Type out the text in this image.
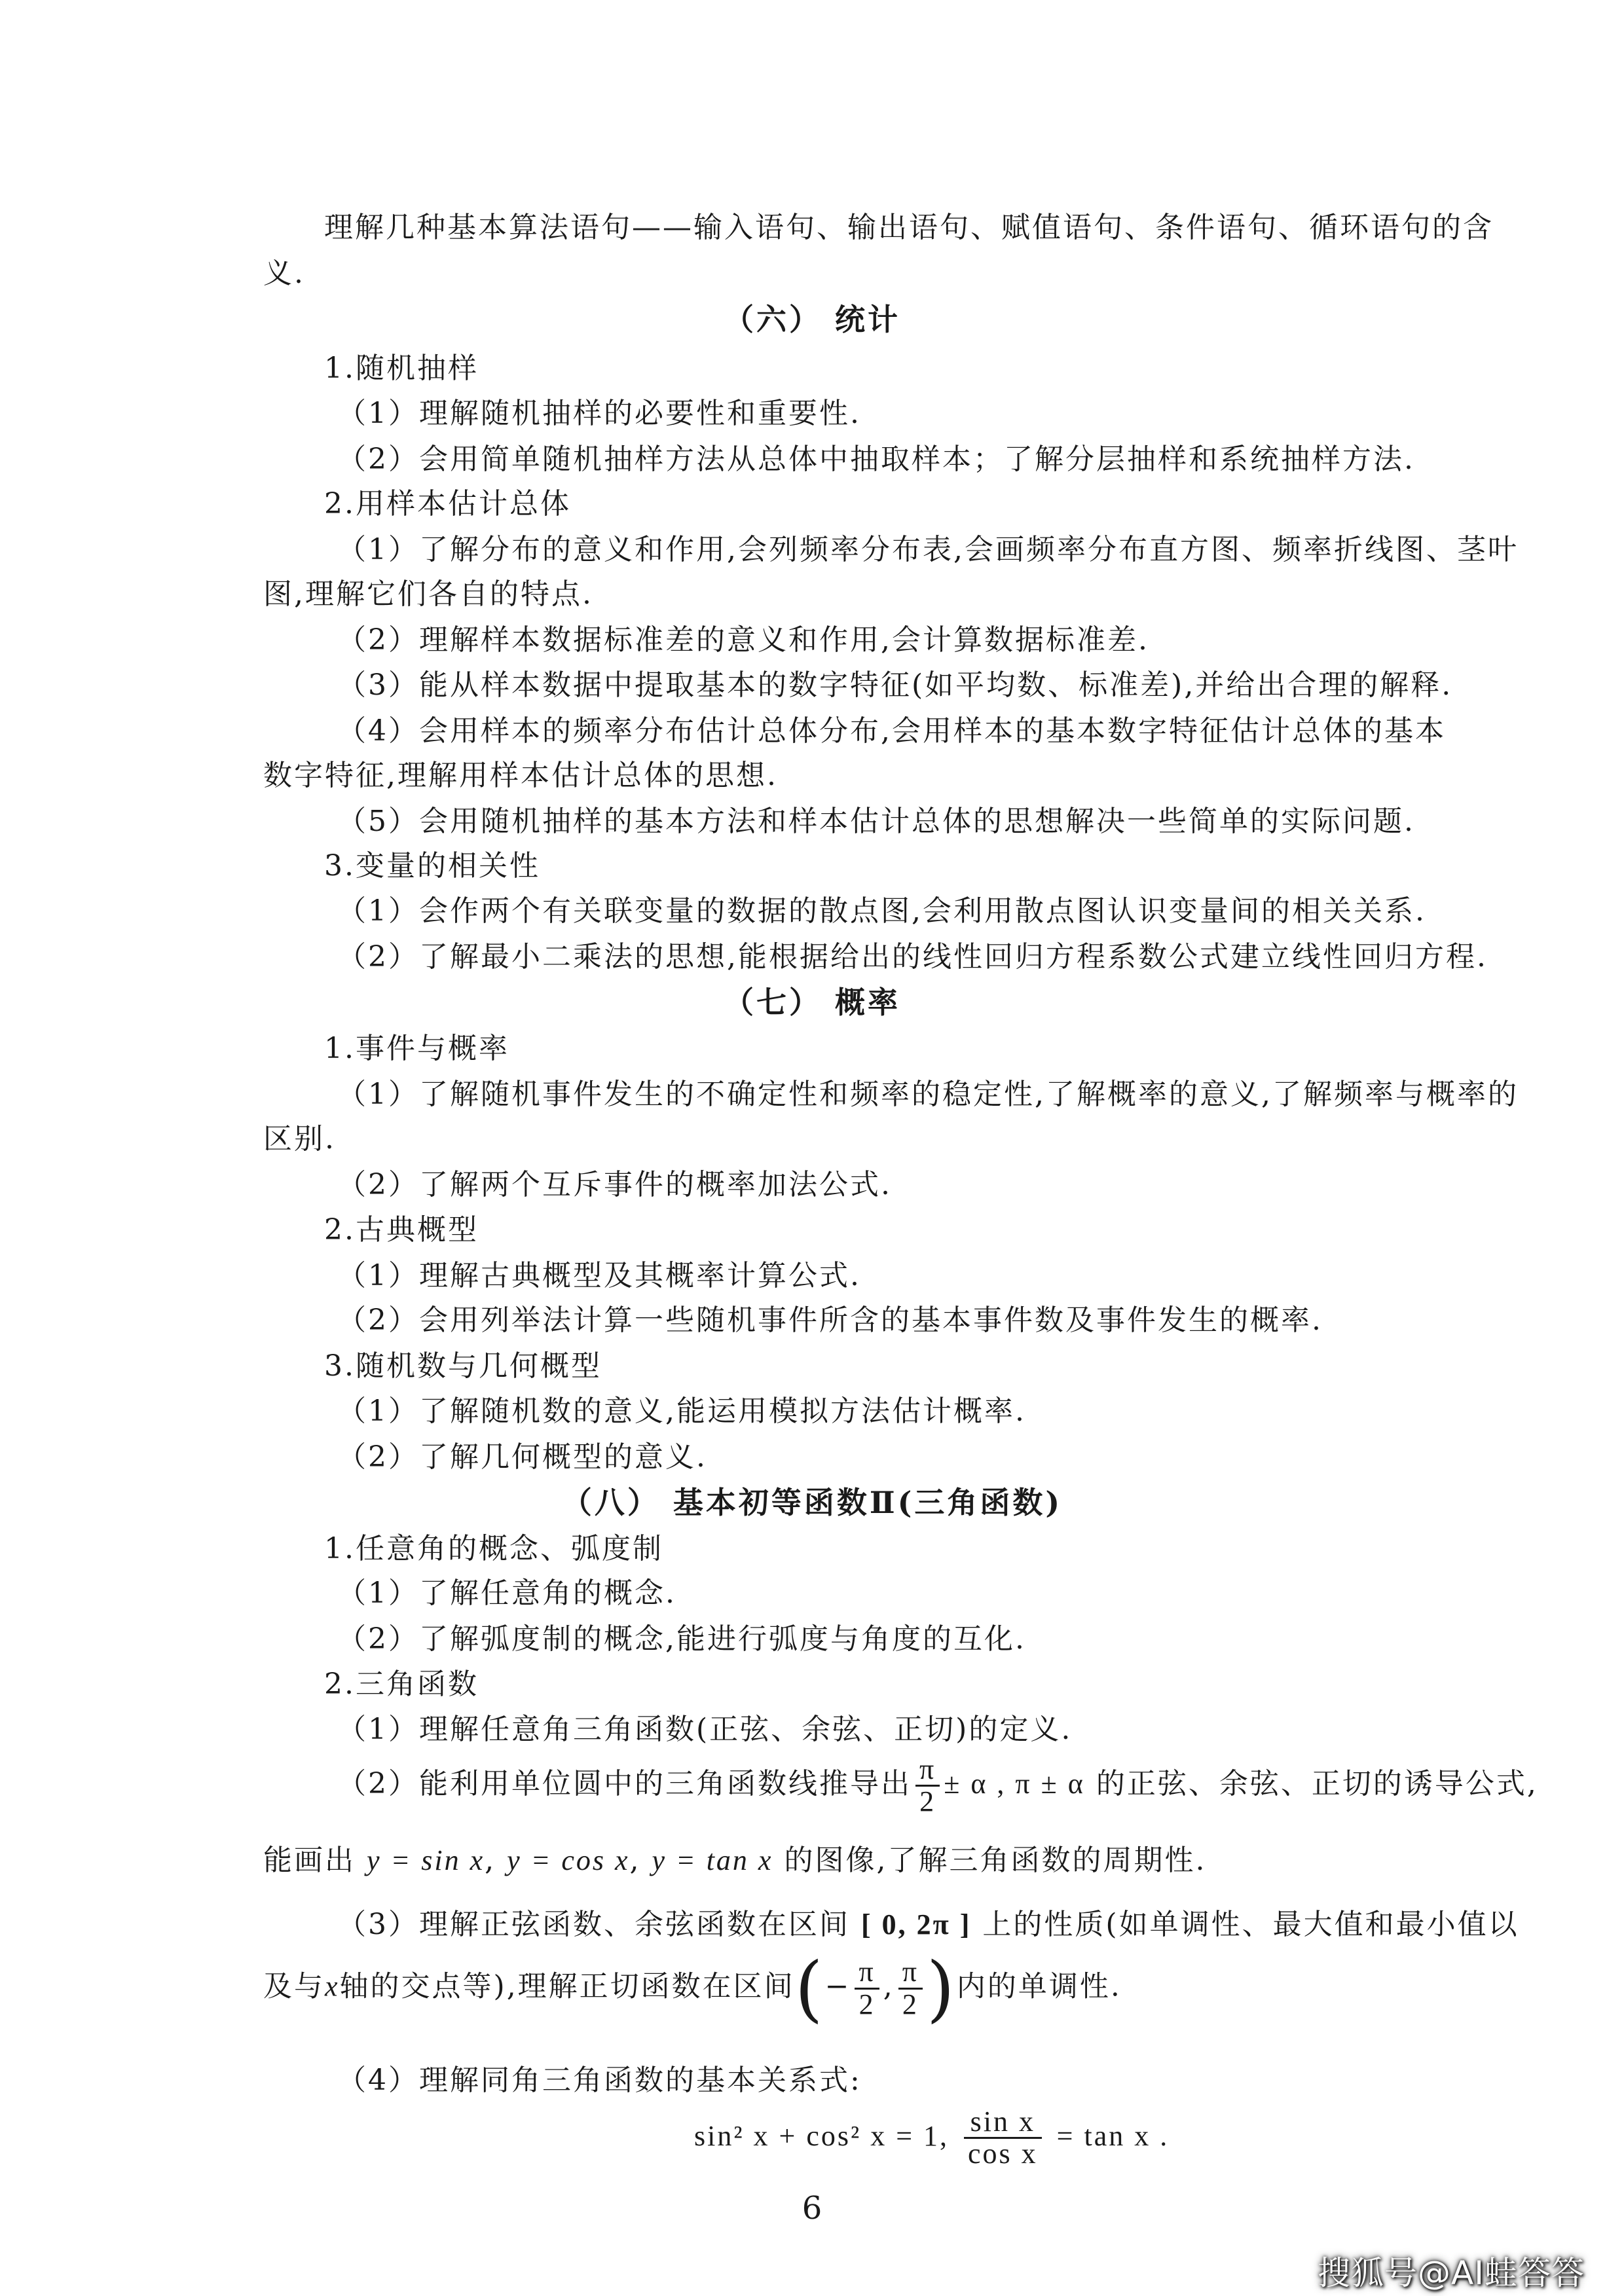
理解几种基本算法语句——输入语句、输出语句、赋值语句、条件语句、循环语句的含
义.
（六） 统计
1.随机抽样
（1）理解随机抽样的必要性和重要性.
（2）会用简单随机抽样方法从总体中抽取样本；了解分层抽样和系统抽样方法.
2.用样本估计总体
（1）了解分布的意义和作用,会列频率分布表,会画频率分布直方图、频率折线图、茎叶
图,理解它们各自的特点.
（2）理解样本数据标准差的意义和作用,会计算数据标准差.
（3）能从样本数据中提取基本的数字特征(如平均数、标准差),并给出合理的解释.
（4）会用样本的频率分布估计总体分布,会用样本的基本数字特征估计总体的基本
数字特征,理解用样本估计总体的思想.
（5）会用随机抽样的基本方法和样本估计总体的思想解决一些简单的实际问题.
3.变量的相关性
（1）会作两个有关联变量的数据的散点图,会利用散点图认识变量间的相关关系.
（2）了解最小二乘法的思想,能根据给出的线性回归方程系数公式建立线性回归方程.
（七） 概率
1.事件与概率
（1）了解随机事件发生的不确定性和频率的稳定性,了解概率的意义,了解频率与概率的
区别.
（2）了解两个互斥事件的概率加法公式.
2.古典概型
（1）理解古典概型及其概率计算公式.
（2）会用列举法计算一些随机事件所含的基本事件数及事件发生的概率.
3.随机数与几何概型
（1）了解随机数的意义,能运用模拟方法估计概率.
（2）了解几何概型的意义.
（八） 基本初等函数Ⅱ(三角函数)
1.任意角的概念、弧度制
（1）了解任意角的概念.
（2）了解弧度制的概念,能进行弧度与角度的互化.
2.三角函数
（1）理解任意角三角函数(正弦、余弦、正切)的定义.
（2）能利用单位圆中的三角函数线推导出 $\frac{\pi}{2} \pm \alpha$ , π ± α 的正弦、余弦、正切的诱导公式,
能画出 y = sin x, y = cos x, y = tan x 的图像,了解三角函数的周期性.
（3）理解正弦函数、余弦函数在区间 [ 0, 2π ] 上的性质(如单调性、最大值和最小值以
及与x轴的交点等),理解正切函数在区间(− $\frac{\pi}{2}$ , $\frac{\pi}{2}$ )内的单调性.
（4）理解同角三角函数的基本关系式:
sin² x + cos² x = 1, $\frac{\text{sin x}}{\text{cos x}} = \tan x$ .
6
搜狐号@AI蛙答答
